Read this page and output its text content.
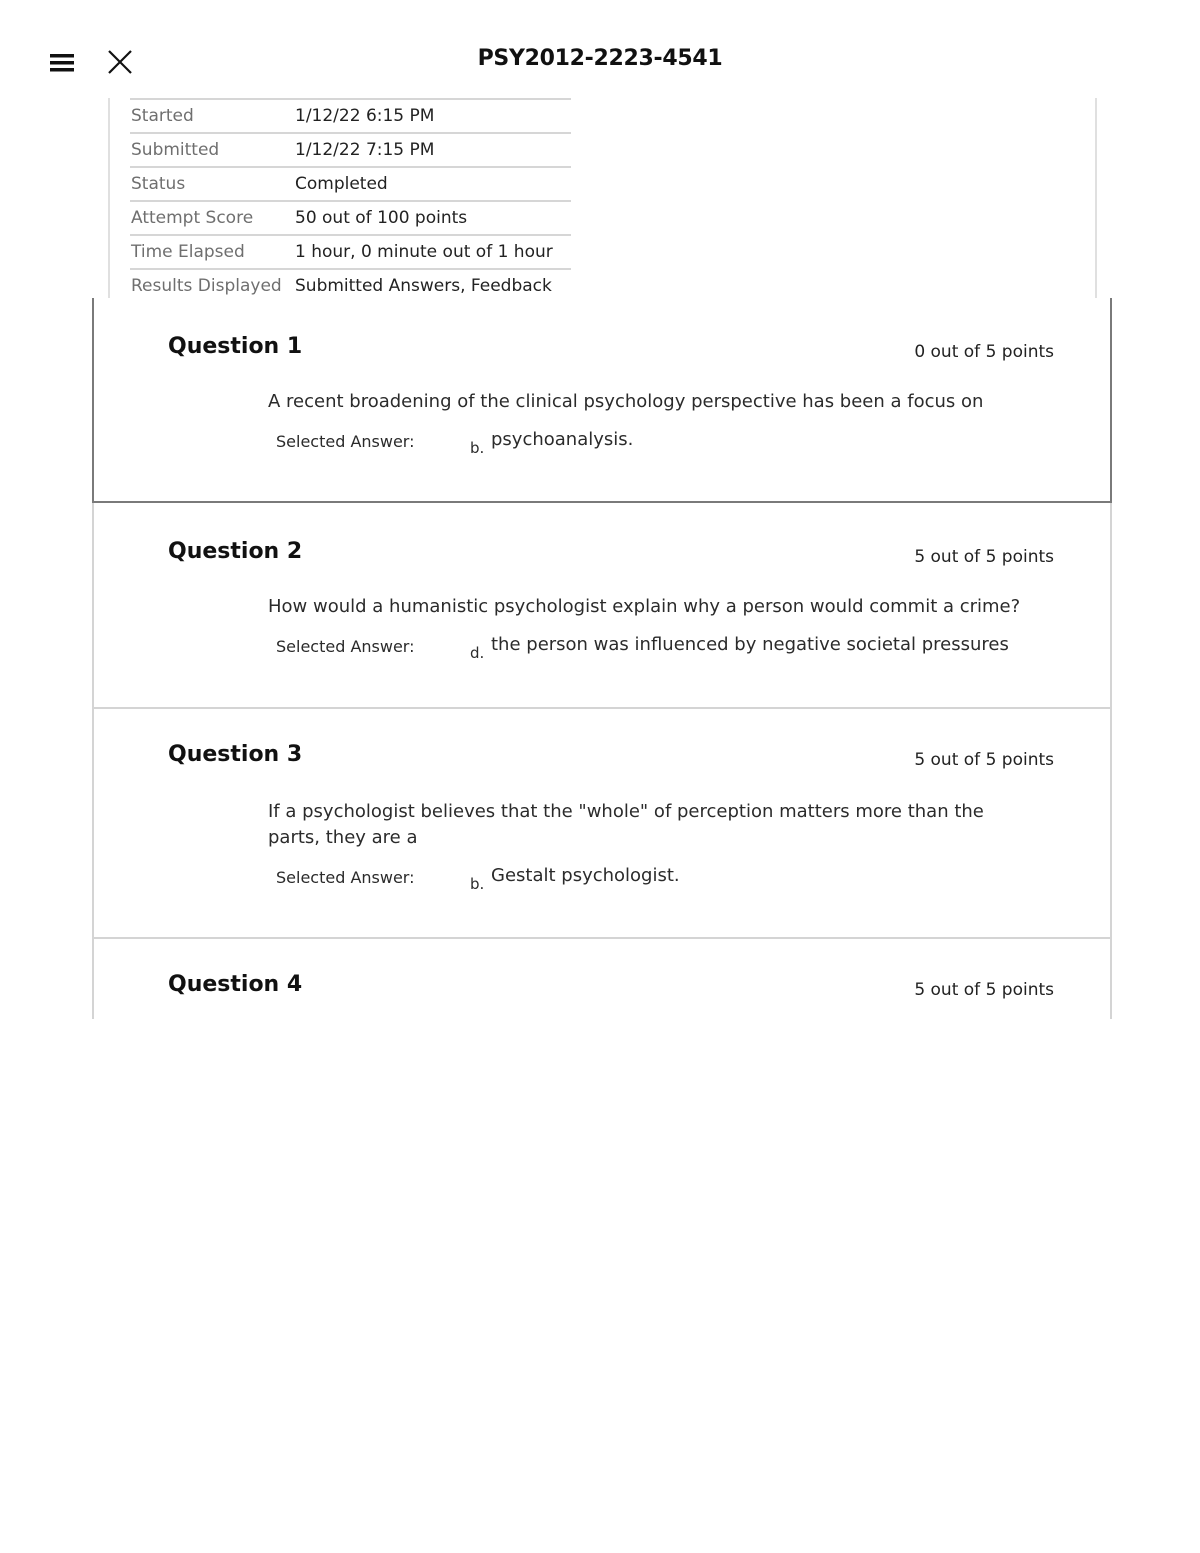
PSY2012-2223-4541
Started	1/12/22 6:15 PM
Submitted	1/12/22 7:15 PM
Status	Completed
Attempt Score	50 out of 100 points
Time Elapsed	1 hour, 0 minute out of 1 hour
Results Displayed	Submitted Answers, Feedback
Question 1	0 out of 5 points
A recent broadening of the clinical psychology perspective has been a focus on
Selected Answer:	b. psychoanalysis.
Question 2	5 out of 5 points
How would a humanistic psychologist explain why a person would commit a crime?
Selected Answer:	d. the person was influenced by negative societal pressures
Question 3	5 out of 5 points
If a psychologist believes that the "whole" of perception matters more than the parts, they are a
Selected Answer:	b. Gestalt psychologist.
Question 4	5 out of 5 points
